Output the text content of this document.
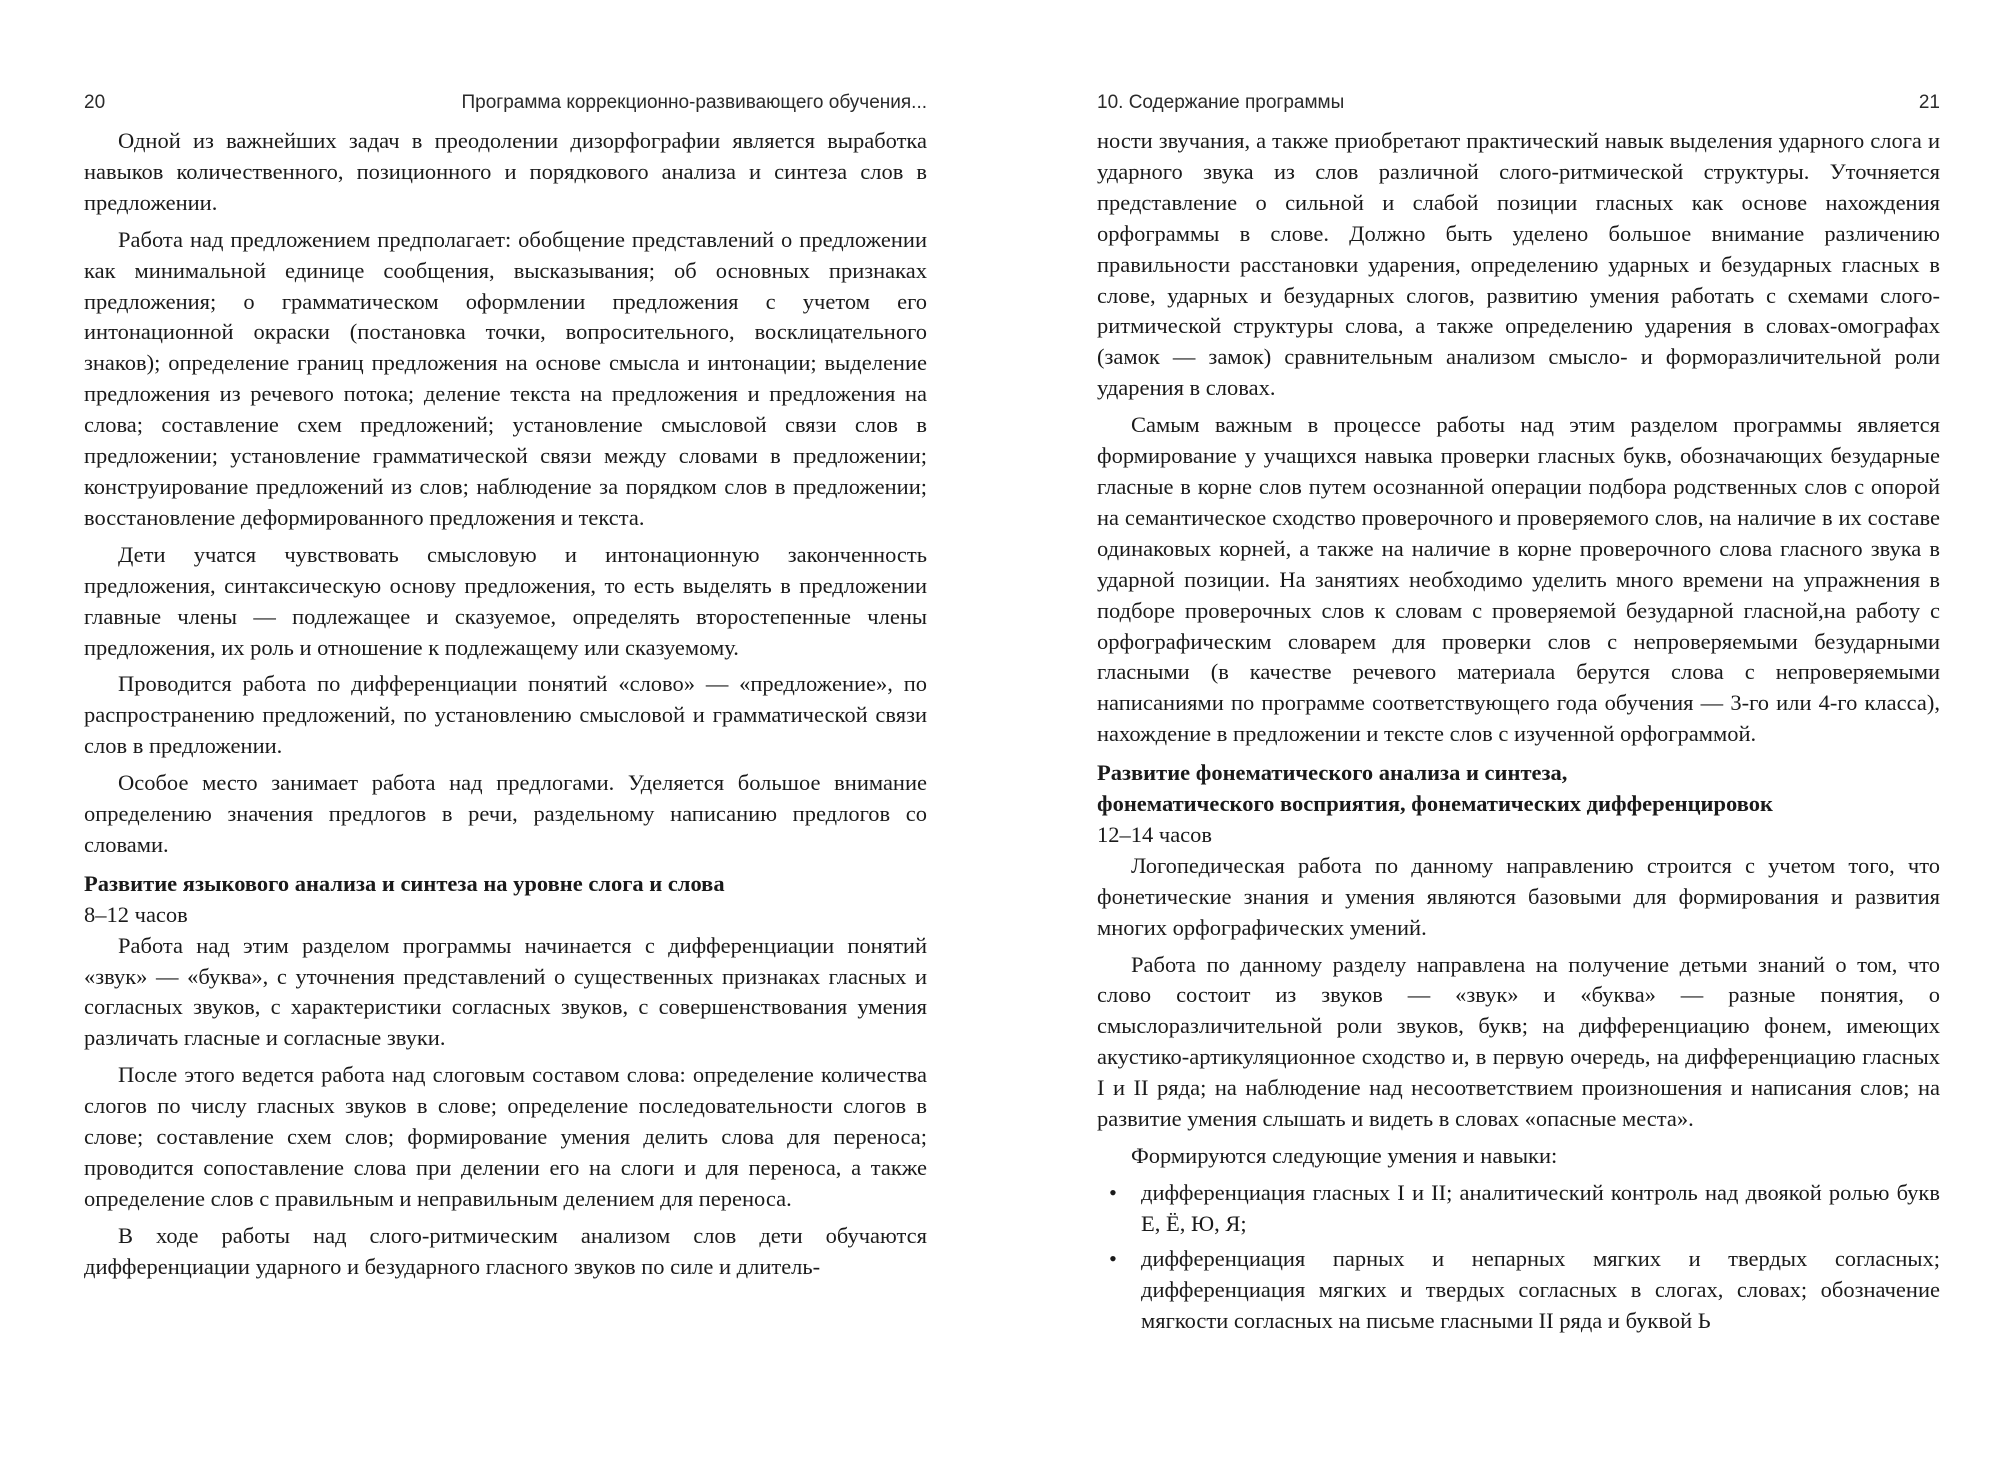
20	Программа коррекционно-развивающего обучения...

Одной из важнейших задач в преодолении дизорфографии является выработка навыков количественного, позиционного и порядкового анализа и синтеза слов в предложении.

Работа над предложением предполагает: обобщение представлений о предложении как минимальной единице сообщения, высказывания; об основных признаках предложения; о грамматическом оформлении предложения с учетом его интонационной окраски (постановка точки, вопросительного, восклицательного знаков); определение границ предложения на основе смысла и интонации; выделение предложения из речевого потока; деление текста на предложения и предложения на слова; составление схем предложений; установление смысловой связи слов в предложении; установление грамматической связи между словами в предложении; конструирование предложений из слов; наблюдение за порядком слов в предложении; восстановление деформированного предложения и текста.

Дети учатся чувствовать смысловую и интонационную законченность предложения, синтаксическую основу предложения, то есть выделять в предложении главные члены — подлежащее и сказуемое, определять второстепенные члены предложения, их роль и отношение к подлежащему или сказуемому.

Проводится работа по дифференциации понятий «слово» — «предложение», по распространению предложений, по установлению смысловой и грамматической связи слов в предложении.

Особое место занимает работа над предлогами. Уделяется большое внимание определению значения предлогов в речи, раздельному написанию предлогов со словами.

Развитие языкового анализа и синтеза на уровне слога и слова
8–12 часов

Работа над этим разделом программы начинается с дифференциации понятий «звук» — «буква», с уточнения представлений о существенных признаках гласных и согласных звуков, с характеристики согласных звуков, с совершенствования умения различать гласные и согласные звуки.

После этого ведется работа над слоговым составом слова: определение количества слогов по числу гласных звуков в слове; определение последовательности слогов в слове; составление схем слов; формирование умения делить слова для переноса; проводится сопоставление слова при делении его на слоги и для переноса, а также определение слов с правильным и неправильным делением для переноса.

В ходе работы над слого-ритмическим анализом слов дети обучаются дифференциации ударного и безударного гласного звуков по силе и длитель-

10. Содержание программы	21

ности звучания, а также приобретают практический навык выделения ударного слога и ударного звука из слов различной слого-ритмической структуры. Уточняется представление о сильной и слабой позиции гласных как основе нахождения орфограммы в слове. Должно быть уделено большое внимание различению правильности расстановки ударения, определению ударных и безударных гласных в слове, ударных и безударных слогов, развитию умения работать с схемами слого-ритмической структуры слова, а также определению ударения в словах-омографах (замок — замок) сравнительным анализом смысло- и форморазличительной роли ударения в словах.

Самым важным в процессе работы над этим разделом программы является формирование у учащихся навыка проверки гласных букв, обозначающих безударные гласные в корне слов путем осознанной операции подбора родственных слов с опорой на семантическое сходство проверочного и проверяемого слов, на наличие в их составе одинаковых корней, а также на наличие в корне проверочного слова гласного звука в ударной позиции. На занятиях необходимо уделить много времени на упражнения в подборе проверочных слов к словам с проверяемой безударной гласной,на работу с орфографическим словарем для проверки слов с непроверяемыми безударными гласными (в качестве речевого материала берутся слова с непроверяемыми написаниями по программе соответствующего года обучения — 3-го или 4-го класса), нахождение в предложении и тексте слов с изученной орфограммой.

Развитие фонематического анализа и синтеза,
фонематического восприятия, фонематических дифференцировок
12–14 часов

Логопедическая работа по данному направлению строится с учетом того, что фонетические знания и умения являются базовыми для формирования и развития многих орфографических умений.

Работа по данному разделу направлена на получение детьми знаний о том, что слово состоит из звуков — «звук» и «буква» — разные понятия, о смыслоразличительной роли звуков, букв; на дифференциацию фонем, имеющих акустико-артикуляционное сходство и, в первую очередь, на дифференциацию гласных I и II ряда; на наблюдение над несоответствием произношения и написания слов; на развитие умения слышать и видеть в словах «опасные места».

Формируются следующие умения и навыки:

• дифференциация гласных I и II; аналитический контроль над двоякой ролью букв Е, Ё, Ю, Я;
• дифференциация парных и непарных мягких и твердых согласных; дифференциация мягких и твердых согласных в слогах, словах; обозначение мягкости согласных на письме гласными II ряда и буквой Ь
